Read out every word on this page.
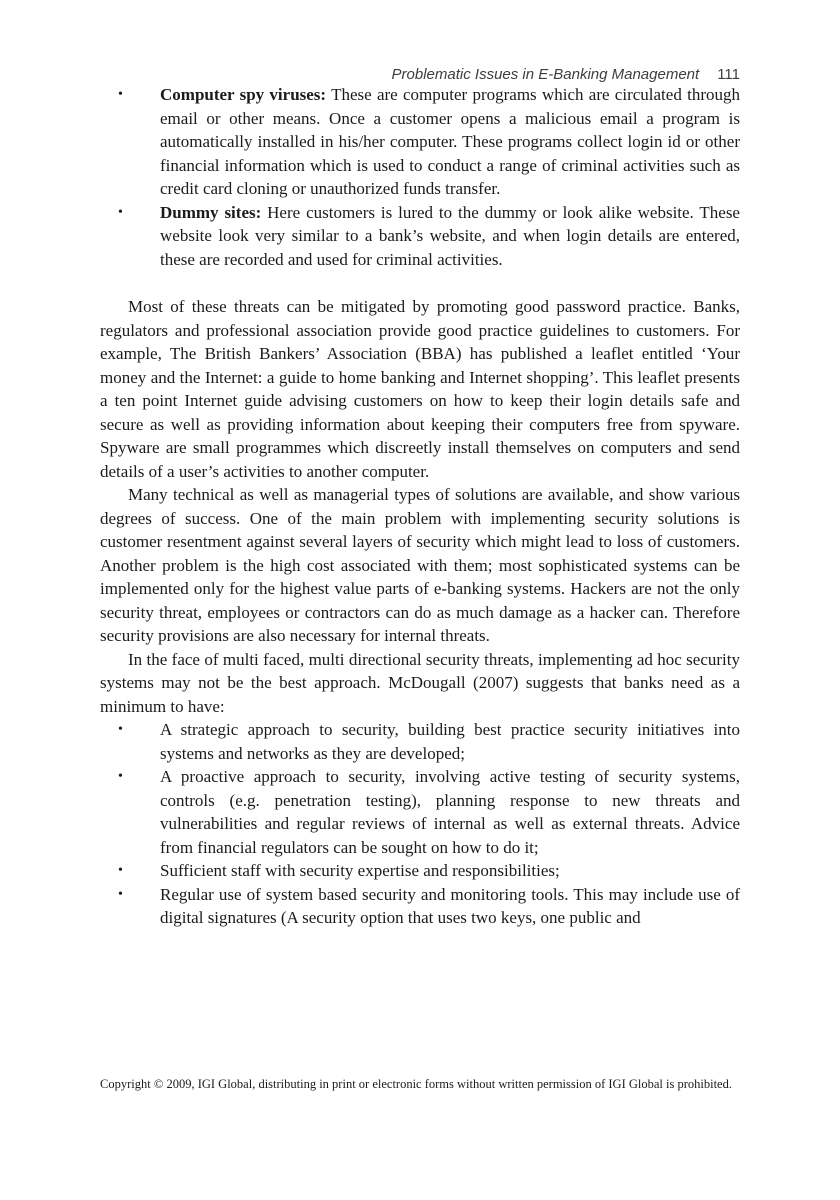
Problematic Issues in E-Banking Management 111
• Computer spy viruses: These are computer programs which are circulated through email or other means. Once a customer opens a malicious email a program is automatically installed in his/her computer. These programs collect login id or other financial information which is used to conduct a range of criminal activities such as credit card cloning or unauthorized funds transfer.
• Dummy sites: Here customers is lured to the dummy or look alike website. These website look very similar to a bank’s website, and when login details are entered, these are recorded and used for criminal activities.

Most of these threats can be mitigated by promoting good password practice. Banks, regulators and professional association provide good practice guidelines to customers. For example, The British Bankers’ Association (BBA) has published a leaflet entitled ‘Your money and the Internet: a guide to home banking and Internet shopping’. This leaflet presents a ten point Internet guide advising customers on how to keep their login details safe and secure as well as providing information about keeping their computers free from spyware. Spyware are small programmes which discreetly install themselves on computers and send details of a user’s activities to another computer.

Many technical as well as managerial types of solutions are available, and show various degrees of success. One of the main problem with implementing security solutions is customer resentment against several layers of security which might lead to loss of customers. Another problem is the high cost associated with them; most sophisticated systems can be implemented only for the highest value parts of e-banking systems. Hackers are not the only security threat, employees or contractors can do as much damage as a hacker can. Therefore security provisions are also necessary for internal threats.

In the face of multi faced, multi directional security threats, implementing ad hoc security systems may not be the best approach. McDougall (2007) suggests that banks need as a minimum to have:

• A strategic approach to security, building best practice security initiatives into systems and networks as they are developed;
• A proactive approach to security, involving active testing of security systems, controls (e.g. penetration testing), planning response to new threats and vulnerabilities and regular reviews of internal as well as external threats. Advice from financial regulators can be sought on how to do it;
• Sufficient staff with security expertise and responsibilities;
• Regular use of system based security and monitoring tools. This may include use of digital signatures (A security option that uses two keys, one public and
Copyright © 2009, IGI Global, distributing in print or electronic forms without written permission of IGI Global is prohibited.
